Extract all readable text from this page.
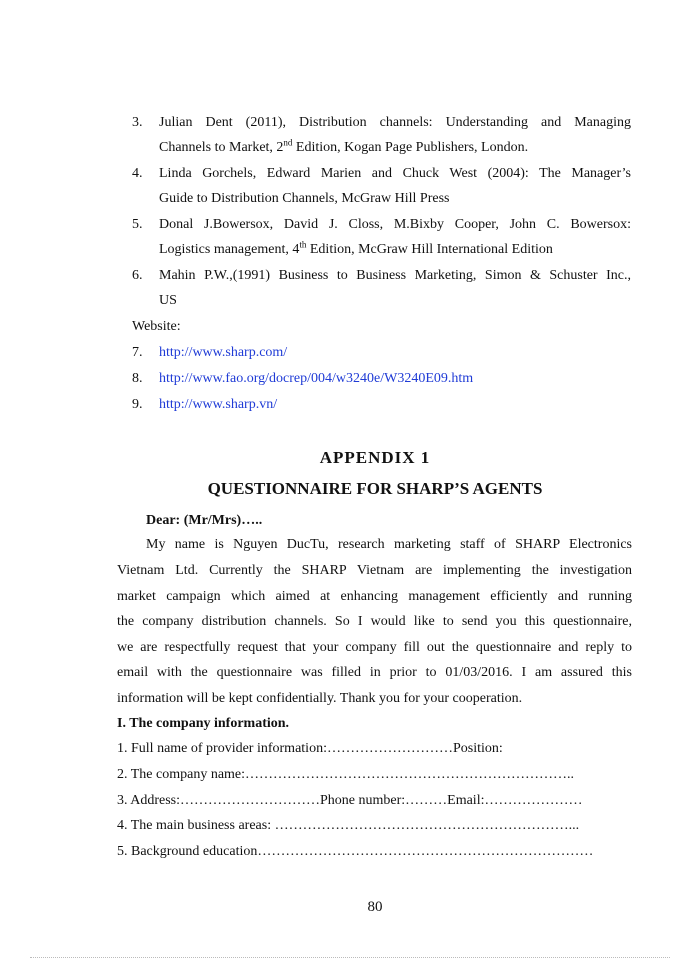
3. Julian Dent (2011), Distribution channels: Understanding and Managing
Channels to Market, 2nd Edition, Kogan Page Publishers, London.
4. Linda Gorchels, Edward Marien and Chuck West (2004): The Manager’s
Guide to Distribution Channels, McGraw Hill Press
5. Donal J.Bowersox, David J. Closs, M.Bixby Cooper, John C. Bowersox:
Logistics management, 4th Edition, McGraw Hill International Edition
6. Mahin P.W.,(1991) Business to Business Marketing, Simon & Schuster Inc.,
US
Website:
7. http://www.sharp.com/
8. http://www.fao.org/docrep/004/w3240e/W3240E09.htm
9. http://www.sharp.vn/
APPENDIX 1
QUESTIONNAIRE FOR SHARP’S AGENTS
Dear: (Mr/Mrs)…..
My name is Nguyen DucTu, research marketing staff of SHARP Electronics
Vietnam Ltd. Currently the SHARP Vietnam are implementing the investigation
market campaign which aimed at enhancing management efficiently and running
the company distribution channels. So I would like to send you this questionnaire,
we are respectfully request that your company fill out the questionnaire and reply to
email with the questionnaire was filled in prior to 01/03/2016. I am assured this
information will be kept confidentially. Thank you for your cooperation.
I. The company information.
1. Full name of provider information:………………………Position:
2. The company name:……………………………………………………………..
3. Address:…………………………Phone number:………Email:…………………
4. The main business areas: ………………………………………………………...
5. Background education………………………………………………………………
80
